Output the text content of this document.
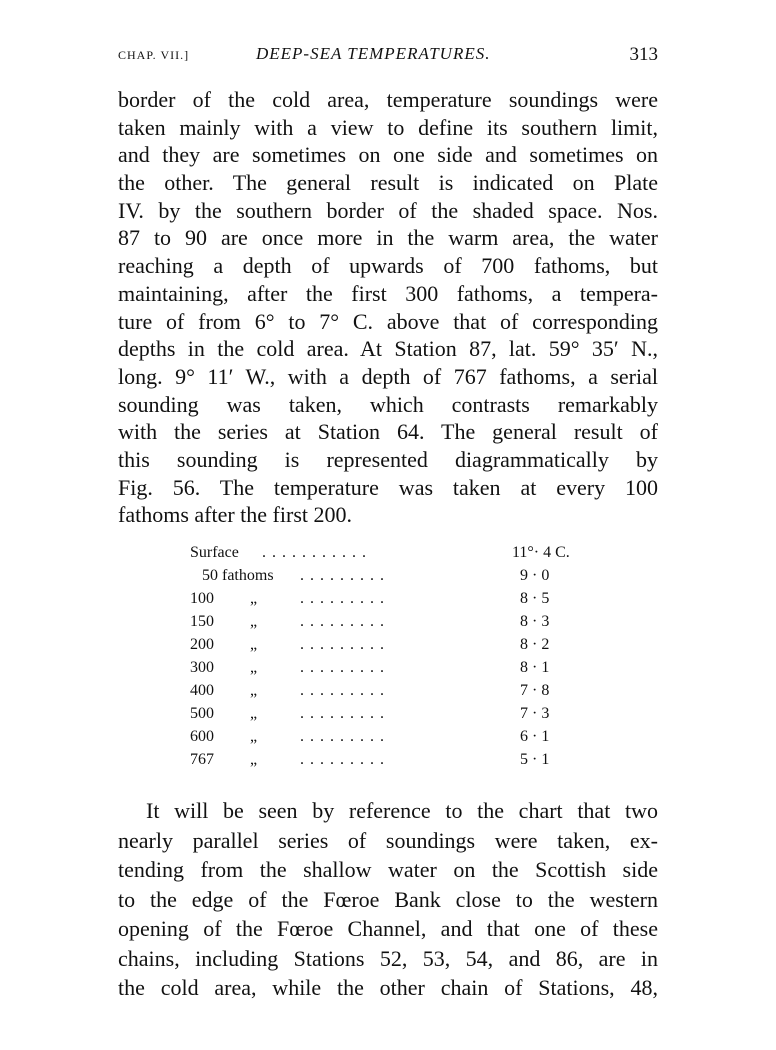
CHAP. VII.]	DEEP-SEA TEMPERATURES.	313
border of the cold area, temperature soundings were
taken mainly with a view to define its southern limit,
and they are sometimes on one side and sometimes on
the other. The general result is indicated on Plate
IV. by the southern border of the shaded space. Nos.
87 to 90 are once more in the warm area, the water
reaching a depth of upwards of 700 fathoms, but
maintaining, after the first 300 fathoms, a tempera-
ture of from 6° to 7° C. above that of corresponding
depths in the cold area. At Station 87, lat. 59° 35′ N.,
long. 9° 11′ W., with a depth of 767 fathoms, a serial
sounding was taken, which contrasts remarkably
with the series at Station 64. The general result of
this sounding is represented diagrammatically by
Fig. 56. The temperature was taken at every 100
fathoms after the first 200.
Surface . . . . . . . . . . .	11°· 4 C.
50 fathoms . . . . . . . . .	9 · 0
100 „	. . . . . . . . .	8 · 5
150 „	. . . . . . . . .	8 · 3
200 „	. . . . . . . . .	8 · 2
300 „	. . . . . . . . .	8 · 1
400 „	. . . . . . . . .	7 · 8
500 „	. . . . . . . . .	7 · 3
600 „	. . . . . . . . .	6 · 1
767 „	. . . . . . . . .	5 · 1
It will be seen by reference to the chart that two
nearly parallel series of soundings were taken, ex-
tending from the shallow water on the Scottish side
to the edge of the Fœroe Bank close to the western
opening of the Fœroe Channel, and that one of these
chains, including Stations 52, 53, 54, and 86, are in
the cold area, while the other chain of Stations, 48,
